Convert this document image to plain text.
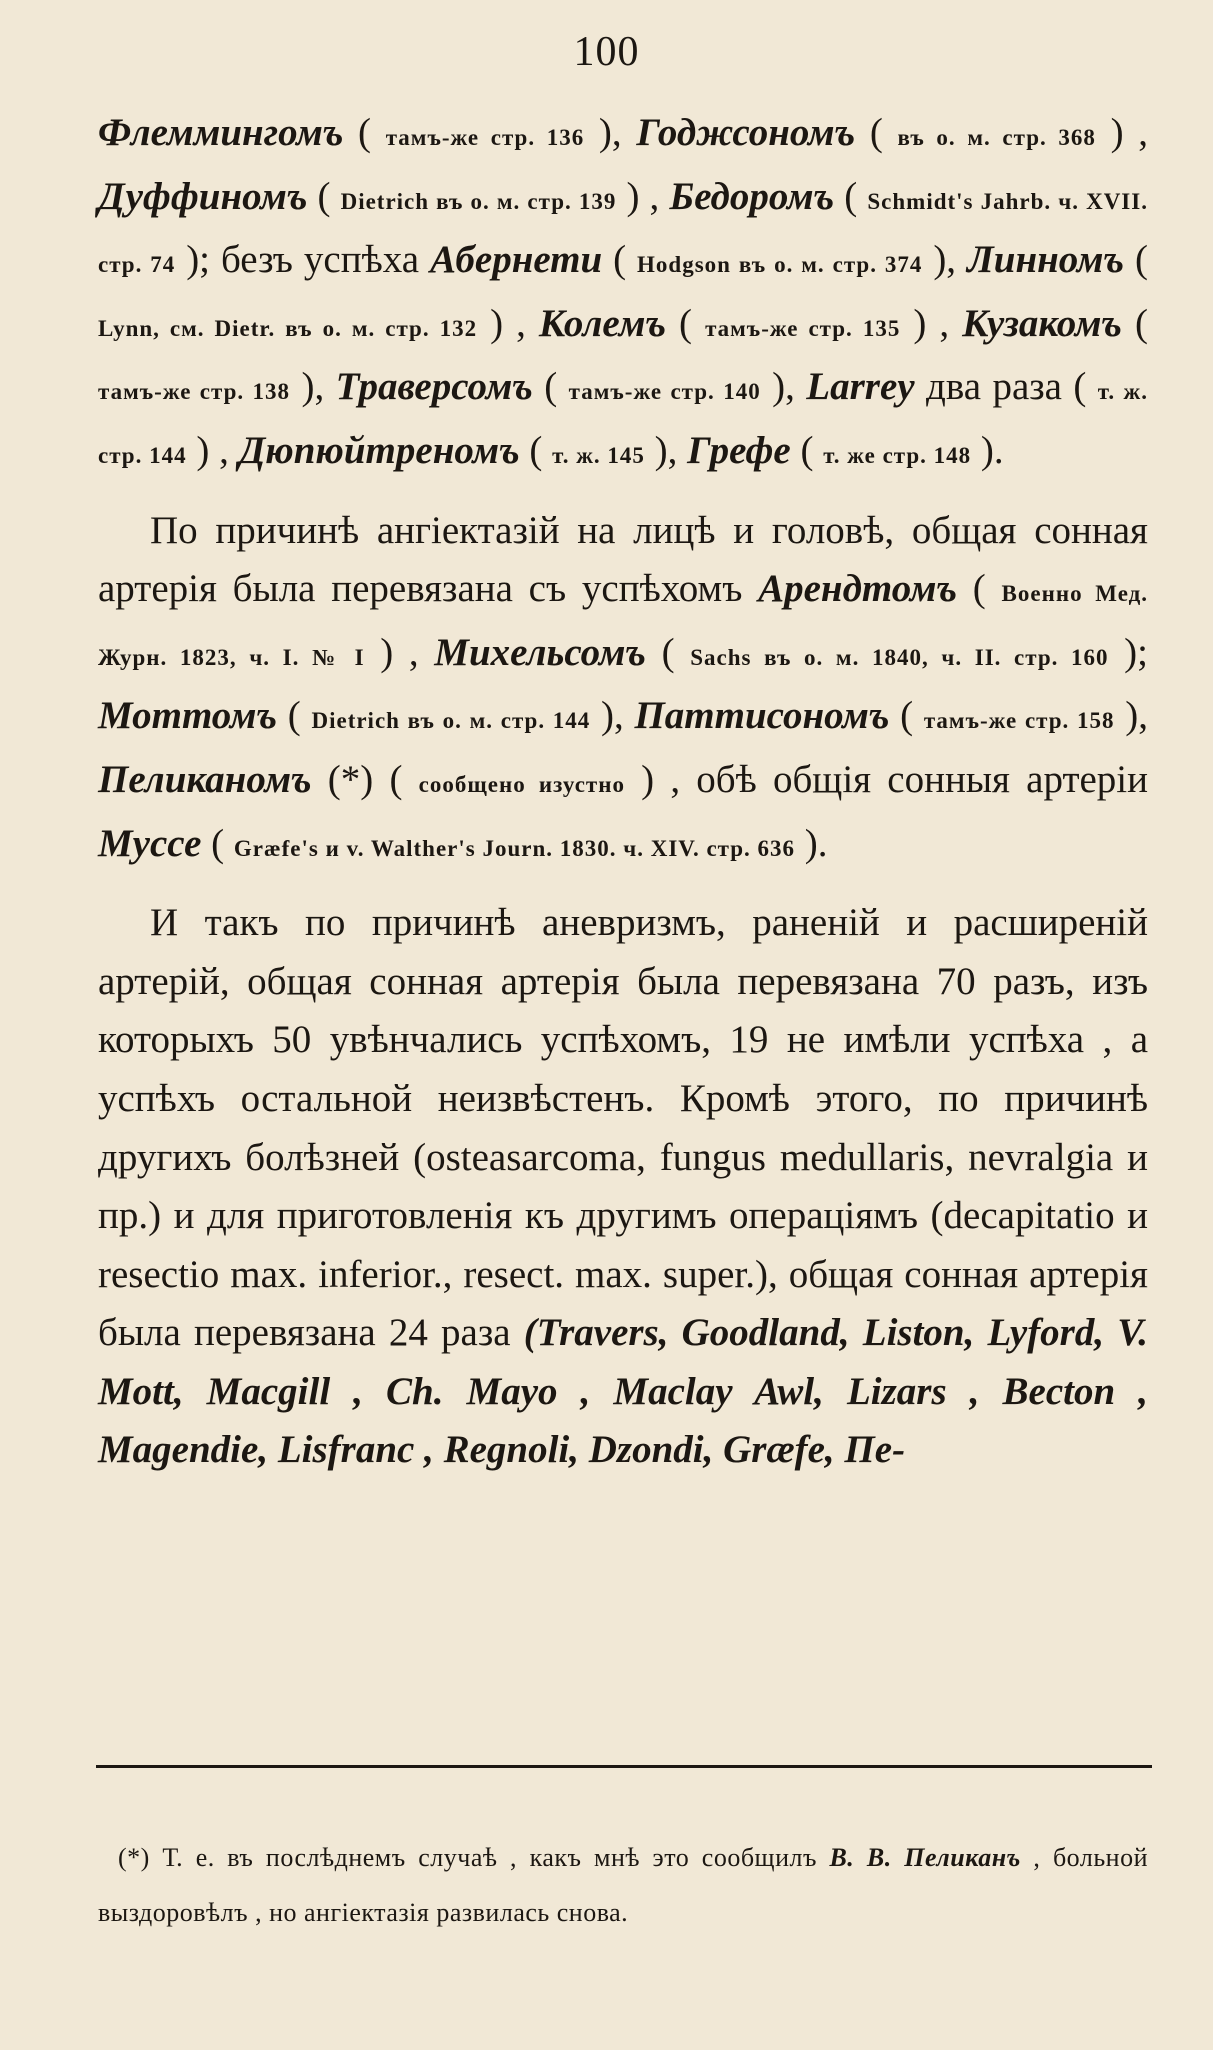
100

Флеммингомъ ( тамъ-же стр. 136 ), Годжсономъ ( въ о. м. стр. 368 ) , Дуффиномъ ( Dietrich въ о. м. стр. 139 ) , Бедоромъ ( Schmidt's Jahrb. ч. XVII. стр. 74 ); безъ успѣха Абернети ( Hodgson въ о. м. стр. 374 ), Линномъ ( Lynn, см. Dietr. въ о. м. стр. 132 ) , Колемъ ( тамъ-же стр. 135 ) , Кузакомъ ( тамъ-же стр. 138 ), Траверсомъ ( тамъ-же стр. 140 ), Larrey два раза ( т. ж. стр. 144 ) , Дюпюйтреномъ ( т. ж. 145 ), Грефе ( т. же стр. 148 ).

По причинѣ ангіектазій на лицѣ и головѣ, общая сонная артерія была перевязана съ успѣхомъ Арендтомъ ( Военно Мед. Журн. 1823, ч. I. № I ) , Михельсомъ ( Sachs въ о. м. 1840, ч. II. стр. 160 ); Моттомъ ( Dietrich въ о. м. стр. 144 ), Паттисономъ ( тамъ-же стр. 158 ), Пеликаномъ (*) ( сообщено изустно ) , обѣ общія сонныя артеріи Муссе ( Græfe's и v. Walther's Journ. 1830. ч. XIV. стр. 636 ).

И такъ по причинѣ аневризмъ, раненій и расширеній артерій, общая сонная артерія была перевязана 70 разъ, изъ которыхъ 50 увѣнчались успѣхомъ, 19 не имѣли успѣха , а успѣхъ остальной неизвѣстенъ. Кромѣ этого, по причинѣ другихъ болѣзней (osteasarcoma, fungus medullaris, nevralgia и пр.) и для приготовленія къ другимъ операціямъ (decapitatio и resectio max. inferior., resect. max. super.), общая сонная артерія была перевязана 24 раза (Travers, Goodland, Liston, Lyford, V. Mott, Macgill , Ch. Mayo , Maclay Awl, Lizars , Becton , Magendie, Lisfranc , Regnoli, Dzondi, Græfe, Пе-

(*) Т. е. въ послѣднемъ случаѣ , какъ мнѣ это сообщилъ В. В. Пеликанъ , больной выздоровѣлъ , но ангіектазія развилась снова.
